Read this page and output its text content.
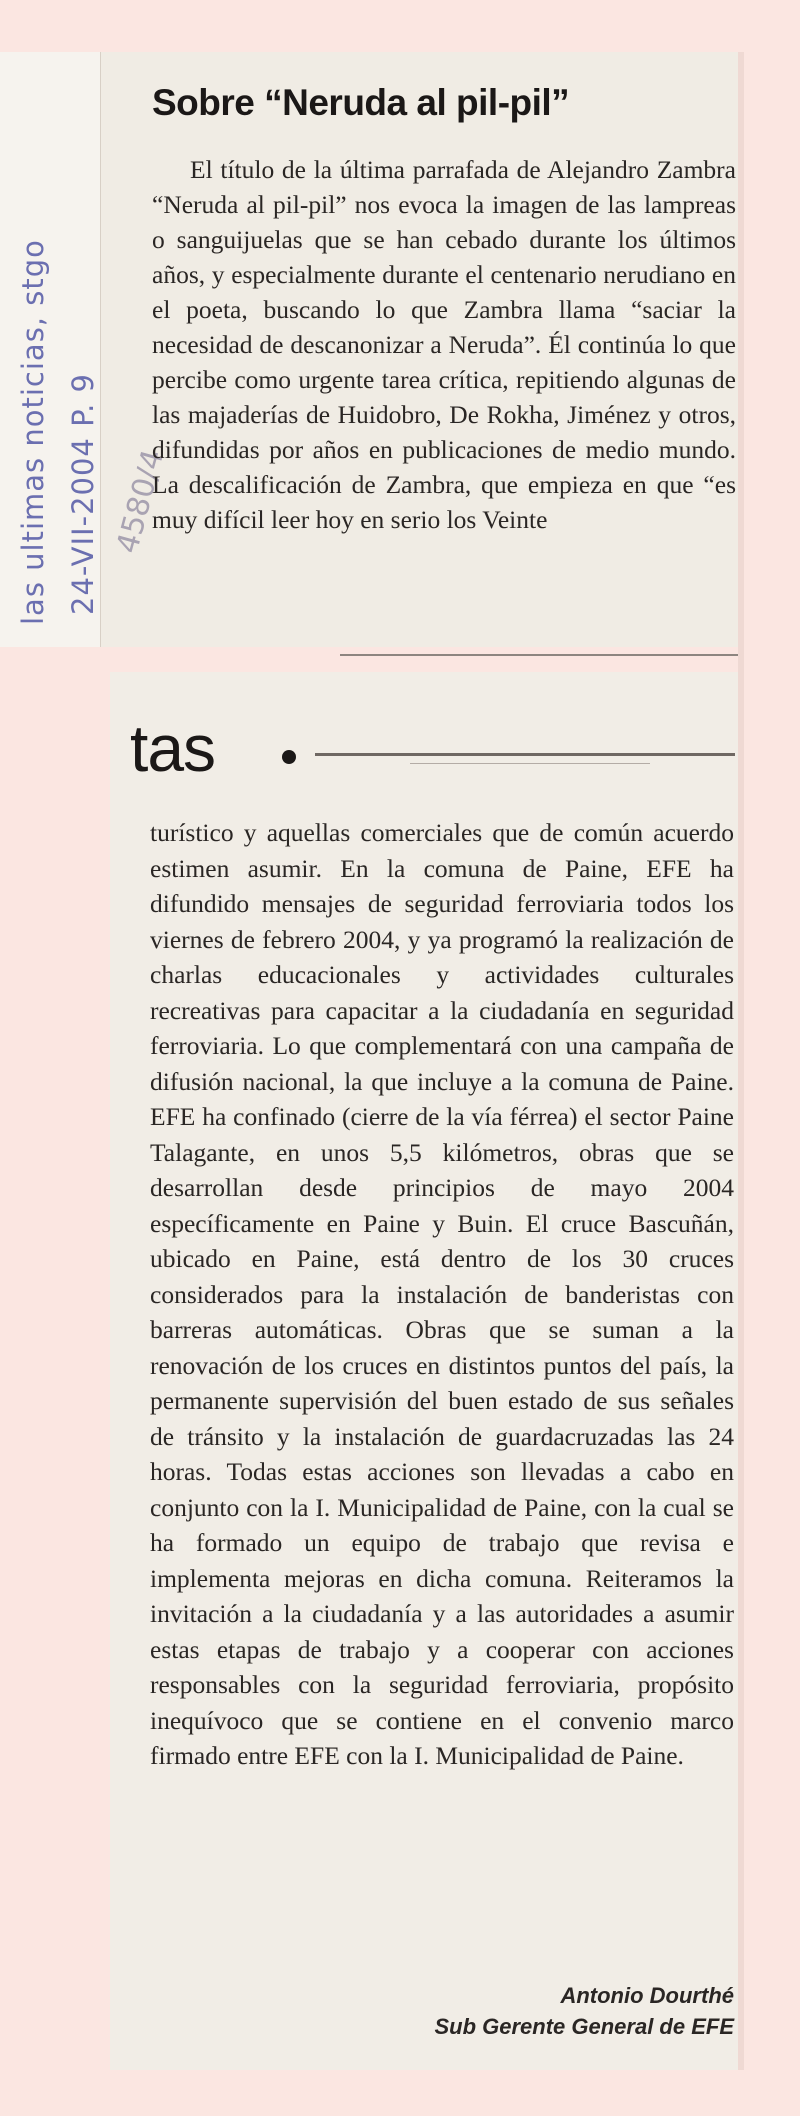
las ultimas noticias, stgo 24-VII-2004 P. 9 4580/4
Sobre “Neruda al pil-pil”

El título de la última parrafada de Alejandro Zambra “Neruda al pil-pil” nos evoca la imagen de las lampreas o sanguijuelas que se han cebado durante los últimos años, y especialmente durante el centenario nerudiano en el poeta, buscando lo que Zambra llama “saciar la necesidad de descanonizar a Neruda”. Él continúa lo que percibe como urgente tarea crítica, repitiendo algunas de las majaderías de Huidobro, De Rokha, Jiménez y otros, difundidas por años en publicaciones de medio mundo. La descalificación de Zambra, que empieza en que “es muy difícil leer hoy en serio los Veinte

tas

turístico y aquellas comerciales que de común acuerdo estimen asumir. En la comuna de Paine, EFE ha difundido mensajes de seguridad ferroviaria todos los viernes de febrero 2004, y ya programó la realización de charlas educacionales y actividades culturales recreativas para capacitar a la ciudadanía en seguridad ferroviaria. Lo que complementará con una campaña de difusión nacional, la que incluye a la comuna de Paine. EFE ha confinado (cierre de la vía férrea) el sector Paine Talagante, en unos 5,5 kilómetros, obras que se desarrollan desde principios de mayo 2004 específicamente en Paine y Buin. El cruce Bascuñán, ubicado en Paine, está dentro de los 30 cruces considerados para la instalación de banderistas con barreras automáticas. Obras que se suman a la renovación de los cruces en distintos puntos del país, la permanente supervisión del buen estado de sus señales de tránsito y la instalación de guardacruzadas las 24 horas. Todas estas acciones son llevadas a cabo en conjunto con la I. Municipalidad de Paine, con la cual se ha formado un equipo de trabajo que revisa e implementa mejoras en dicha comuna. Reiteramos la invitación a la ciudadanía y a las autoridades a asumir estas etapas de trabajo y a cooperar con acciones responsables con la seguridad ferroviaria, propósito inequívoco que se contiene en el convenio marco firmado entre EFE con la I. Municipalidad de Paine.

Antonio Dourthé
Sub Gerente General de EFE
